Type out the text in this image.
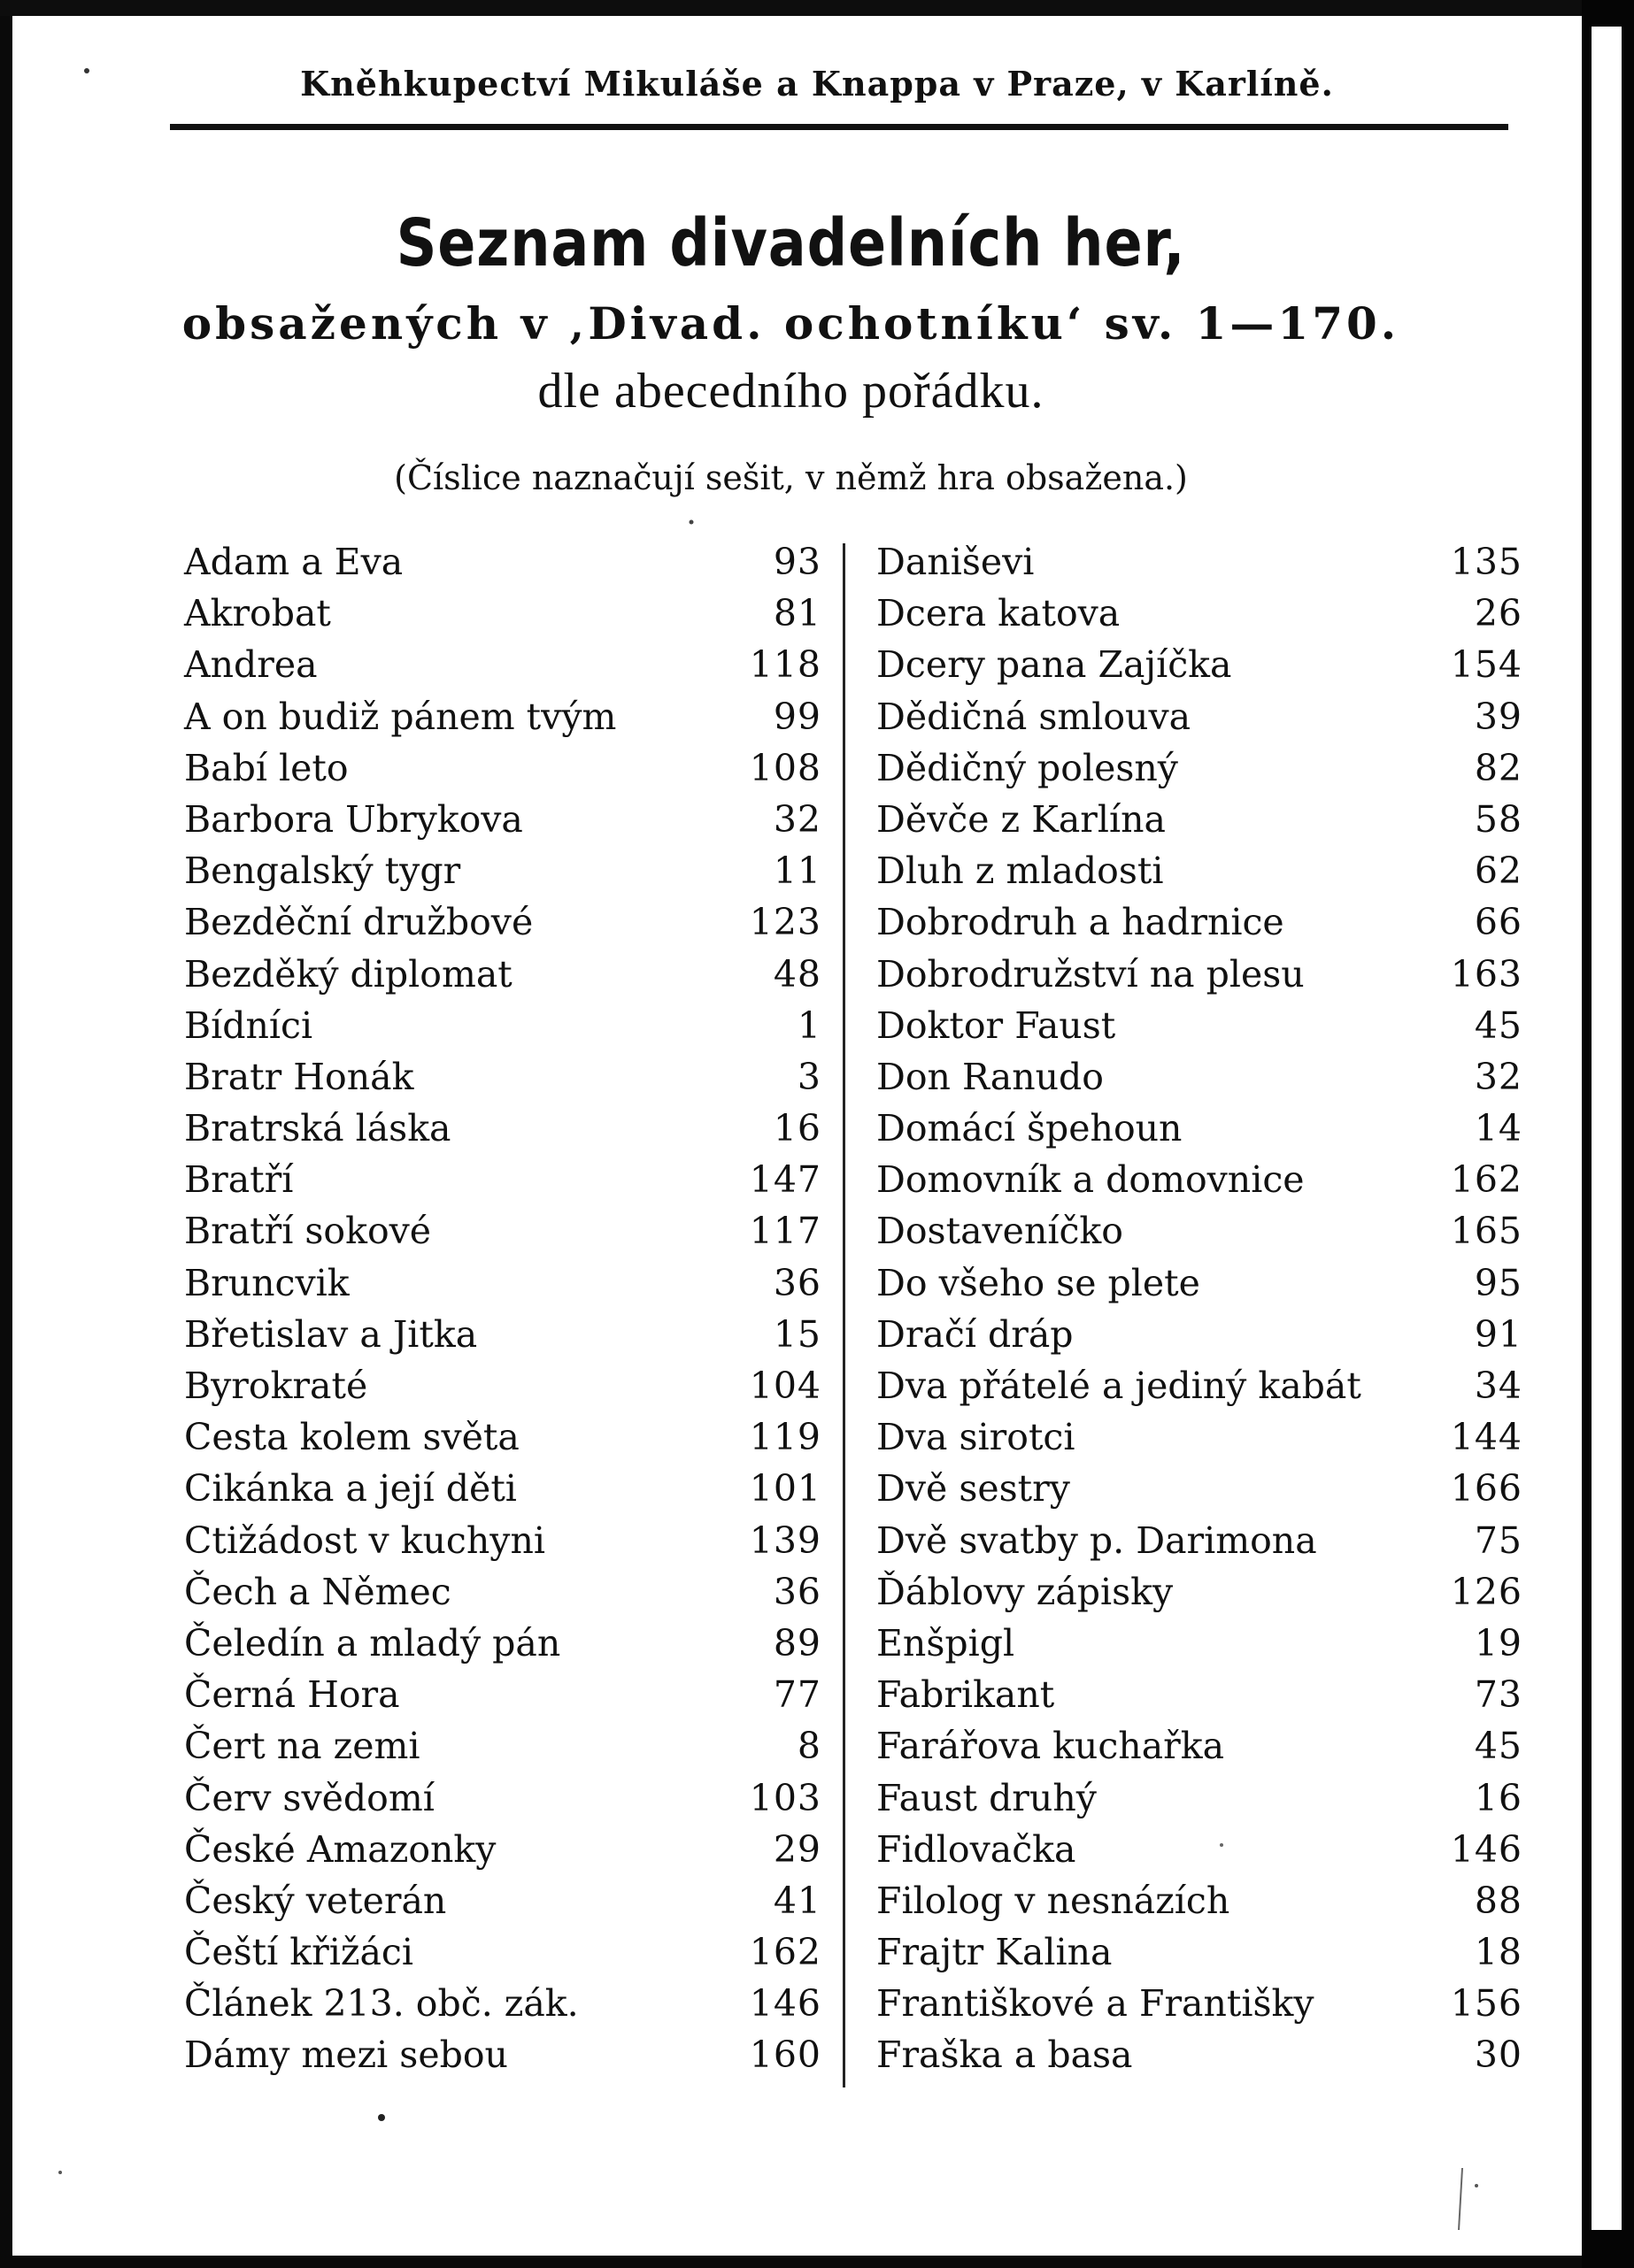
Kněhkupectví Mikuláše a Knappa v Praze, v Karlíně.
Seznam divadelních her,
obsažených v ‚Divad. ochotníku‘ sv. 1—170.
dle abecedního pořádku.
(Číslice naznačují sešit, v němž hra obsažena.)
Adam a Eva	93
Akrobat	81
Andrea	118
A on budiž pánem tvým	99
Babí leto	108
Barbora Ubrykova	32
Bengalský tygr	11
Bezděční družbové	123
Bezděký diplomat	48
Bídníci	1
Bratr Honák	3
Bratrská láska	16
Bratří	147
Bratří sokové	117
Bruncvik	36
Břetislav a Jitka	15
Byrokraté	104
Cesta kolem světa	119
Cikánka a její děti	101
Ctižádost v kuchyni	139
Čech a Němec	36
Čeledín a mladý pán	89
Černá Hora	77
Čert na zemi	8
Červ svědomí	103
České Amazonky	29
Český veterán	41
Čeští křižáci	162
Článek 213. obč. zák.	146
Dámy mezi sebou	160
Daniševi	135
Dcera katova	26
Dcery pana Zajíčka	154
Dědičná smlouva	39
Dědičný polesný	82
Děvče z Karlína	58
Dluh z mladosti	62
Dobrodruh a hadrnice	66
Dobrodružství na plesu	163
Doktor Faust	45
Don Ranudo	32
Domácí špehoun	14
Domovník a domovnice	162
Dostaveníčko	165
Do všeho se plete	95
Dračí dráp	91
Dva přátelé a jediný kabát	34
Dva sirotci	144
Dvě sestry	166
Dvě svatby p. Darimona	75
Ďáblovy zápisky	126
Enšpigl	19
Fabrikant	73
Farářova kuchařka	45
Faust druhý	16
Fidlovačka	146
Filolog v nesnázích	88
Frajtr Kalina	18
Františkové a Františky	156
Fraška a basa	30
